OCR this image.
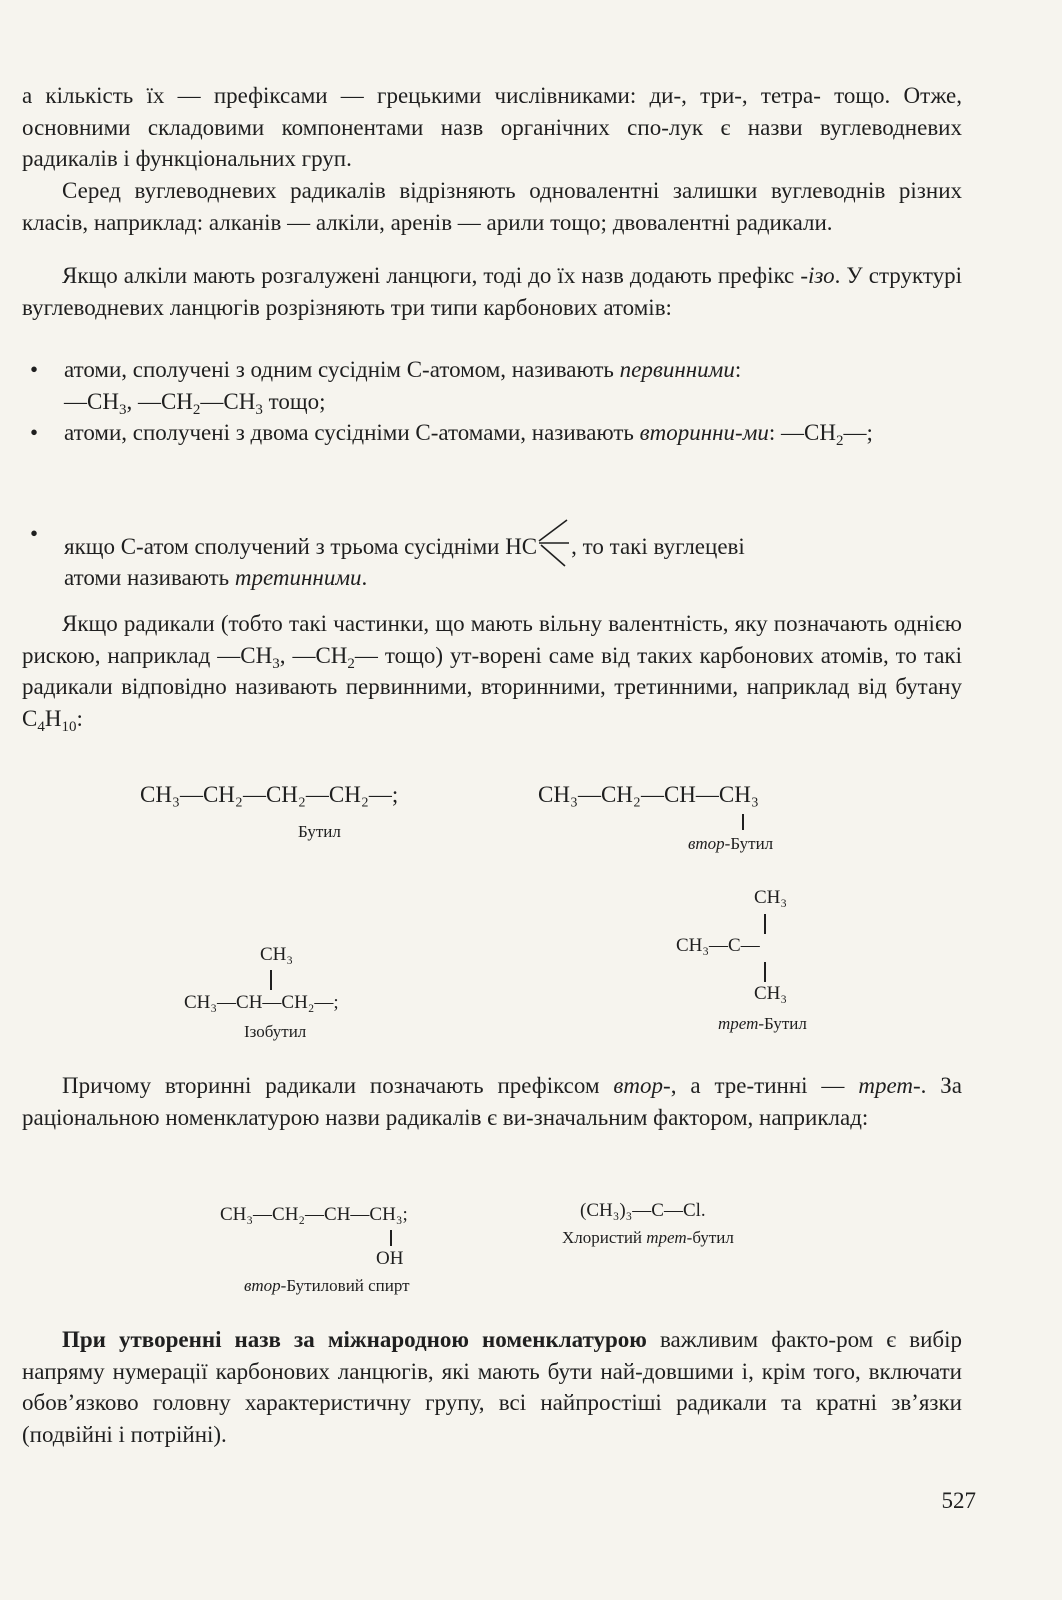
а кількість їх — префіксами — грецькими числівниками: ди-, три-, тетра- тощо. Отже, основними складовими компонентами назв органічних спо-лук є назви вуглеводневих радикалів і функціональних груп.

Серед вуглеводневих радикалів відрізняють одновалентні залишки вуглеводнів різних класів, наприклад: алканів — алкіли, аренів — арили тощо; двовалентні радикали.

Якщо алкіли мають розгалужені ланцюги, тоді до їх назв додають префікс -ізо. У структурі вуглеводневих ланцюгів розрізняють три типи карбонових атомів:

• атоми, сполучені з одним сусіднім С-атомом, називають первинними:
$—CH_3$, $—CH_2—CH_3$ тощо;
• атоми, сполучені з двома сусідніми С-атомами, називають вторинни-ми: $—CH_2—$;
•
якщо С-атом сполучений з трьома сусідніми HC , то такі вуглецеві
атоми називають третинними.

Якщо радикали (тобто такі частинки, що мають вільну валентність, яку позначають однією рискою, наприклад $—CH_3$, $—CH_2—$ тощо) ут-ворені саме від таких карбонових атомів, то такі радикали відповідно називають первинними, вторинними, третинними, наприклад від бутану $C_4H_{10}$:

CH₃—CH₂—CH₂—CH₂—;
Бутил
CH₃—CH₂—CH—CH₃
втор-Бутил
CH₃
CH₃—C—
CH₃
трет-Бутил
CH₃
CH₃—CH—CH₂—;
Ізобутил

Причому вторинні радикали позначають префіксом втор-, а тре-тинні — трет-. За раціональною номенклатурою назви радикалів є ви-значальним фактором, наприклад:

CH₃—CH₂—CH—CH₃;
OH
втор-Бутиловий спирт
(CH₃)₃—C—Cl.
Хлористий трет-бутил

При утворенні назв за міжнародною номенклатурою важливим факто-ром є вибір напряму нумерації карбонових ланцюгів, які мають бути най-довшими і, крім того, включати обов’язково головну характеристичну групу, всі найпростіші радикали та кратні зв’язки (подвійні і потрійні).

527
